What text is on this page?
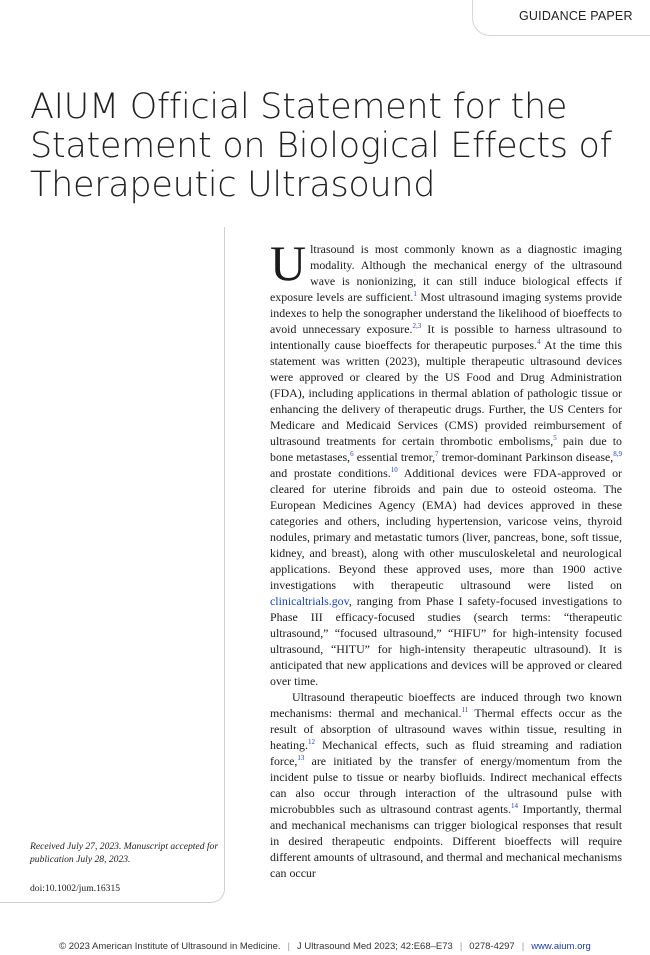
GUIDANCE PAPER
AIUM Official Statement for the Statement on Biological Effects of Therapeutic Ultrasound

Received July 27, 2023. Manuscript accepted for publication July 28, 2023.

doi:10.1002/jum.16315

Ultrasound is most commonly known as a diagnostic imaging modality. Although the mechanical energy of the ultrasound wave is nonionizing, it can still induce biological effects if exposure levels are sufficient.$^1$ Most ultrasound imaging systems provide indexes to help the sonographer understand the likelihood of bioeffects to avoid unnecessary exposure.$^{2,3}$ It is possible to harness ultrasound to intentionally cause bioeffects for therapeutic purposes.$^4$ At the time this statement was written (2023), multiple therapeutic ultrasound devices were approved or cleared by the US Food and Drug Administration (FDA), including applications in thermal ablation of pathologic tissue or enhancing the delivery of therapeutic drugs. Further, the US Centers for Medicare and Medicaid Services (CMS) provided reimbursement of ultrasound treatments for certain thrombotic embolisms,$^5$ pain due to bone metastases,$^6$ essential tremor,$^7$ tremor-dominant Parkinson disease,$^{8,9}$ and prostate conditions.$^{10}$ Additional devices were FDA-approved or cleared for uterine fibroids and pain due to osteoid osteoma. The European Medicines Agency (EMA) had devices approved in these categories and others, including hypertension, varicose veins, thyroid nodules, primary and metastatic tumors (liver, pancreas, bone, soft tissue, kidney, and breast), along with other musculoskeletal and neurological applications. Beyond these approved uses, more than 1900 active investigations with therapeutic ultrasound were listed on clinicaltrials.gov, ranging from Phase I safety-focused investigations to Phase III efficacy-focused studies (search terms: “therapeutic ultrasound,” “focused ultrasound,” “HIFU” for high-intensity focused ultrasound, “HITU” for high-intensity therapeutic ultrasound). It is anticipated that new applications and devices will be approved or cleared over time.

Ultrasound therapeutic bioeffects are induced through two known mechanisms: thermal and mechanical.$^{11}$ Thermal effects occur as the result of absorption of ultrasound waves within tissue, resulting in heating.$^{12}$ Mechanical effects, such as fluid streaming and radiation force,$^{13}$ are initiated by the transfer of energy/momentum from the incident pulse to tissue or nearby biofluids. Indirect mechanical effects can also occur through interaction of the ultrasound pulse with microbubbles such as ultrasound contrast agents.$^{14}$ Importantly, thermal and mechanical mechanisms can trigger biological responses that result in desired therapeutic endpoints. Different bioeffects will require different amounts of ultrasound, and thermal and mechanical mechanisms can occur

© 2023 American Institute of Ultrasound in Medicine. | J Ultrasound Med 2023; 42:E68–E73 | 0278-4297 | www.aium.org
